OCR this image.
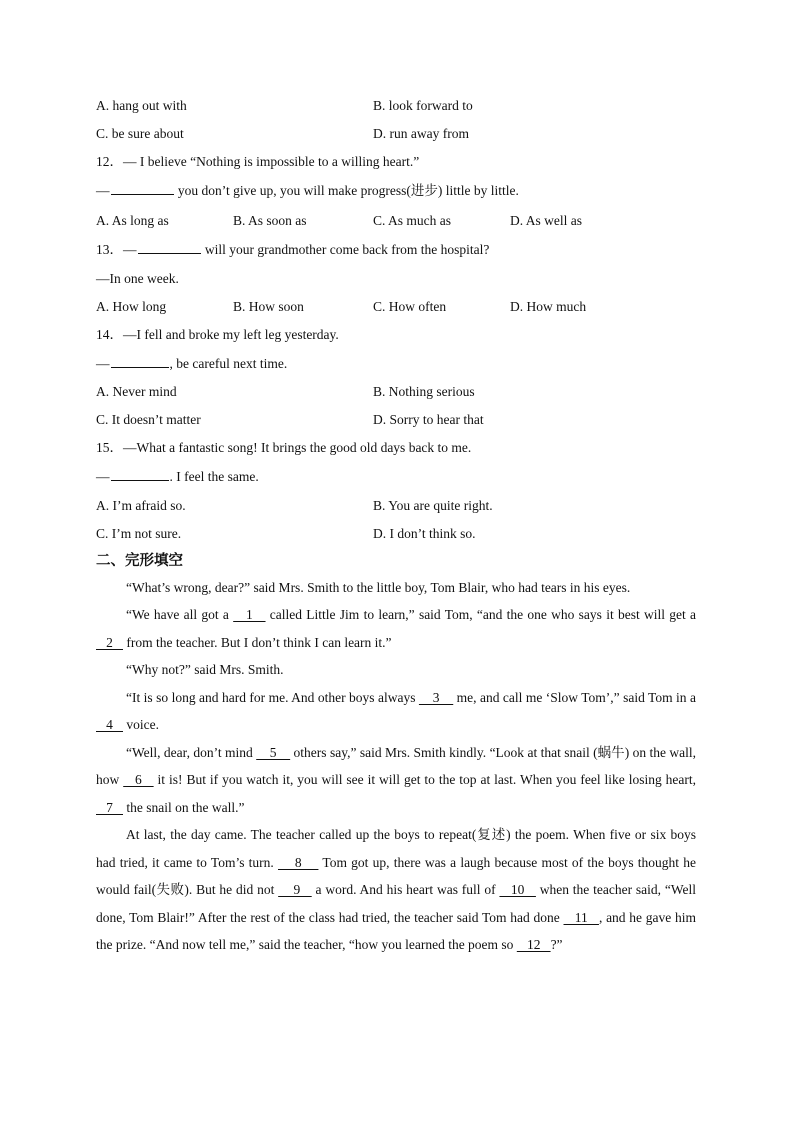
A. hang out with	B. look forward to
C. be sure about	D. run away from
12．— I believe “Nothing is impossible to a willing heart.”
—	you don’t give up, you will make progress(进步) little by little.
A. As long as	B. As soon as	C. As much as	D. As well as
13．—	will your grandmother come back from the hospital?
—In one week.
A. How long	B. How soon	C. How often	D. How much
14．—I fell and broke my left leg yesterday.
—	, be careful next time.
A. Never mind	B. Nothing serious
C. It doesn’t matter	D. Sorry to hear that
15．—What a fantastic song! It brings the good old days back to me.
—	. I feel the same.
A. I’m afraid so.	B. You are quite right.
C. I’m not sure.	D. I don’t think so.
二、完形填空

“What’s wrong, dear?” said Mrs. Smith to the little boy, Tom Blair, who had tears in his eyes.

“We have all got a    1    called Little Jim to learn,” said Tom, “and the one who says it best will get a    2    from the teacher. But I don’t think I can learn it.”

“Why not?” said Mrs. Smith.

“It is so long and hard for me. And other boys always     3     me, and call me ‘Slow Tom’,” said Tom in a    4    voice.

“Well, dear, don’t mind     5     others say,” said Mrs. Smith kindly. “Look at that snail (蜗牛) on the wall, how    6    it is! But if you watch it, you will see it will get to the top at last. When you feel like losing heart,    7    the snail on the wall.”

At last, the day came. The teacher called up the boys to repeat(复述) the poem. When five or six boys had tried, it came to Tom’s turn.     8     Tom got up, there was a laugh because most of the boys thought he would fail(失败). But he did not     9    a word. And his heart was full of    10    when the teacher said, “Well done, Tom Blair!” After the rest of the class had tried, the teacher said Tom had done    11   , and he gave him the prize. “And now tell me,” said the teacher, “how you learned the poem so    12   ?”
